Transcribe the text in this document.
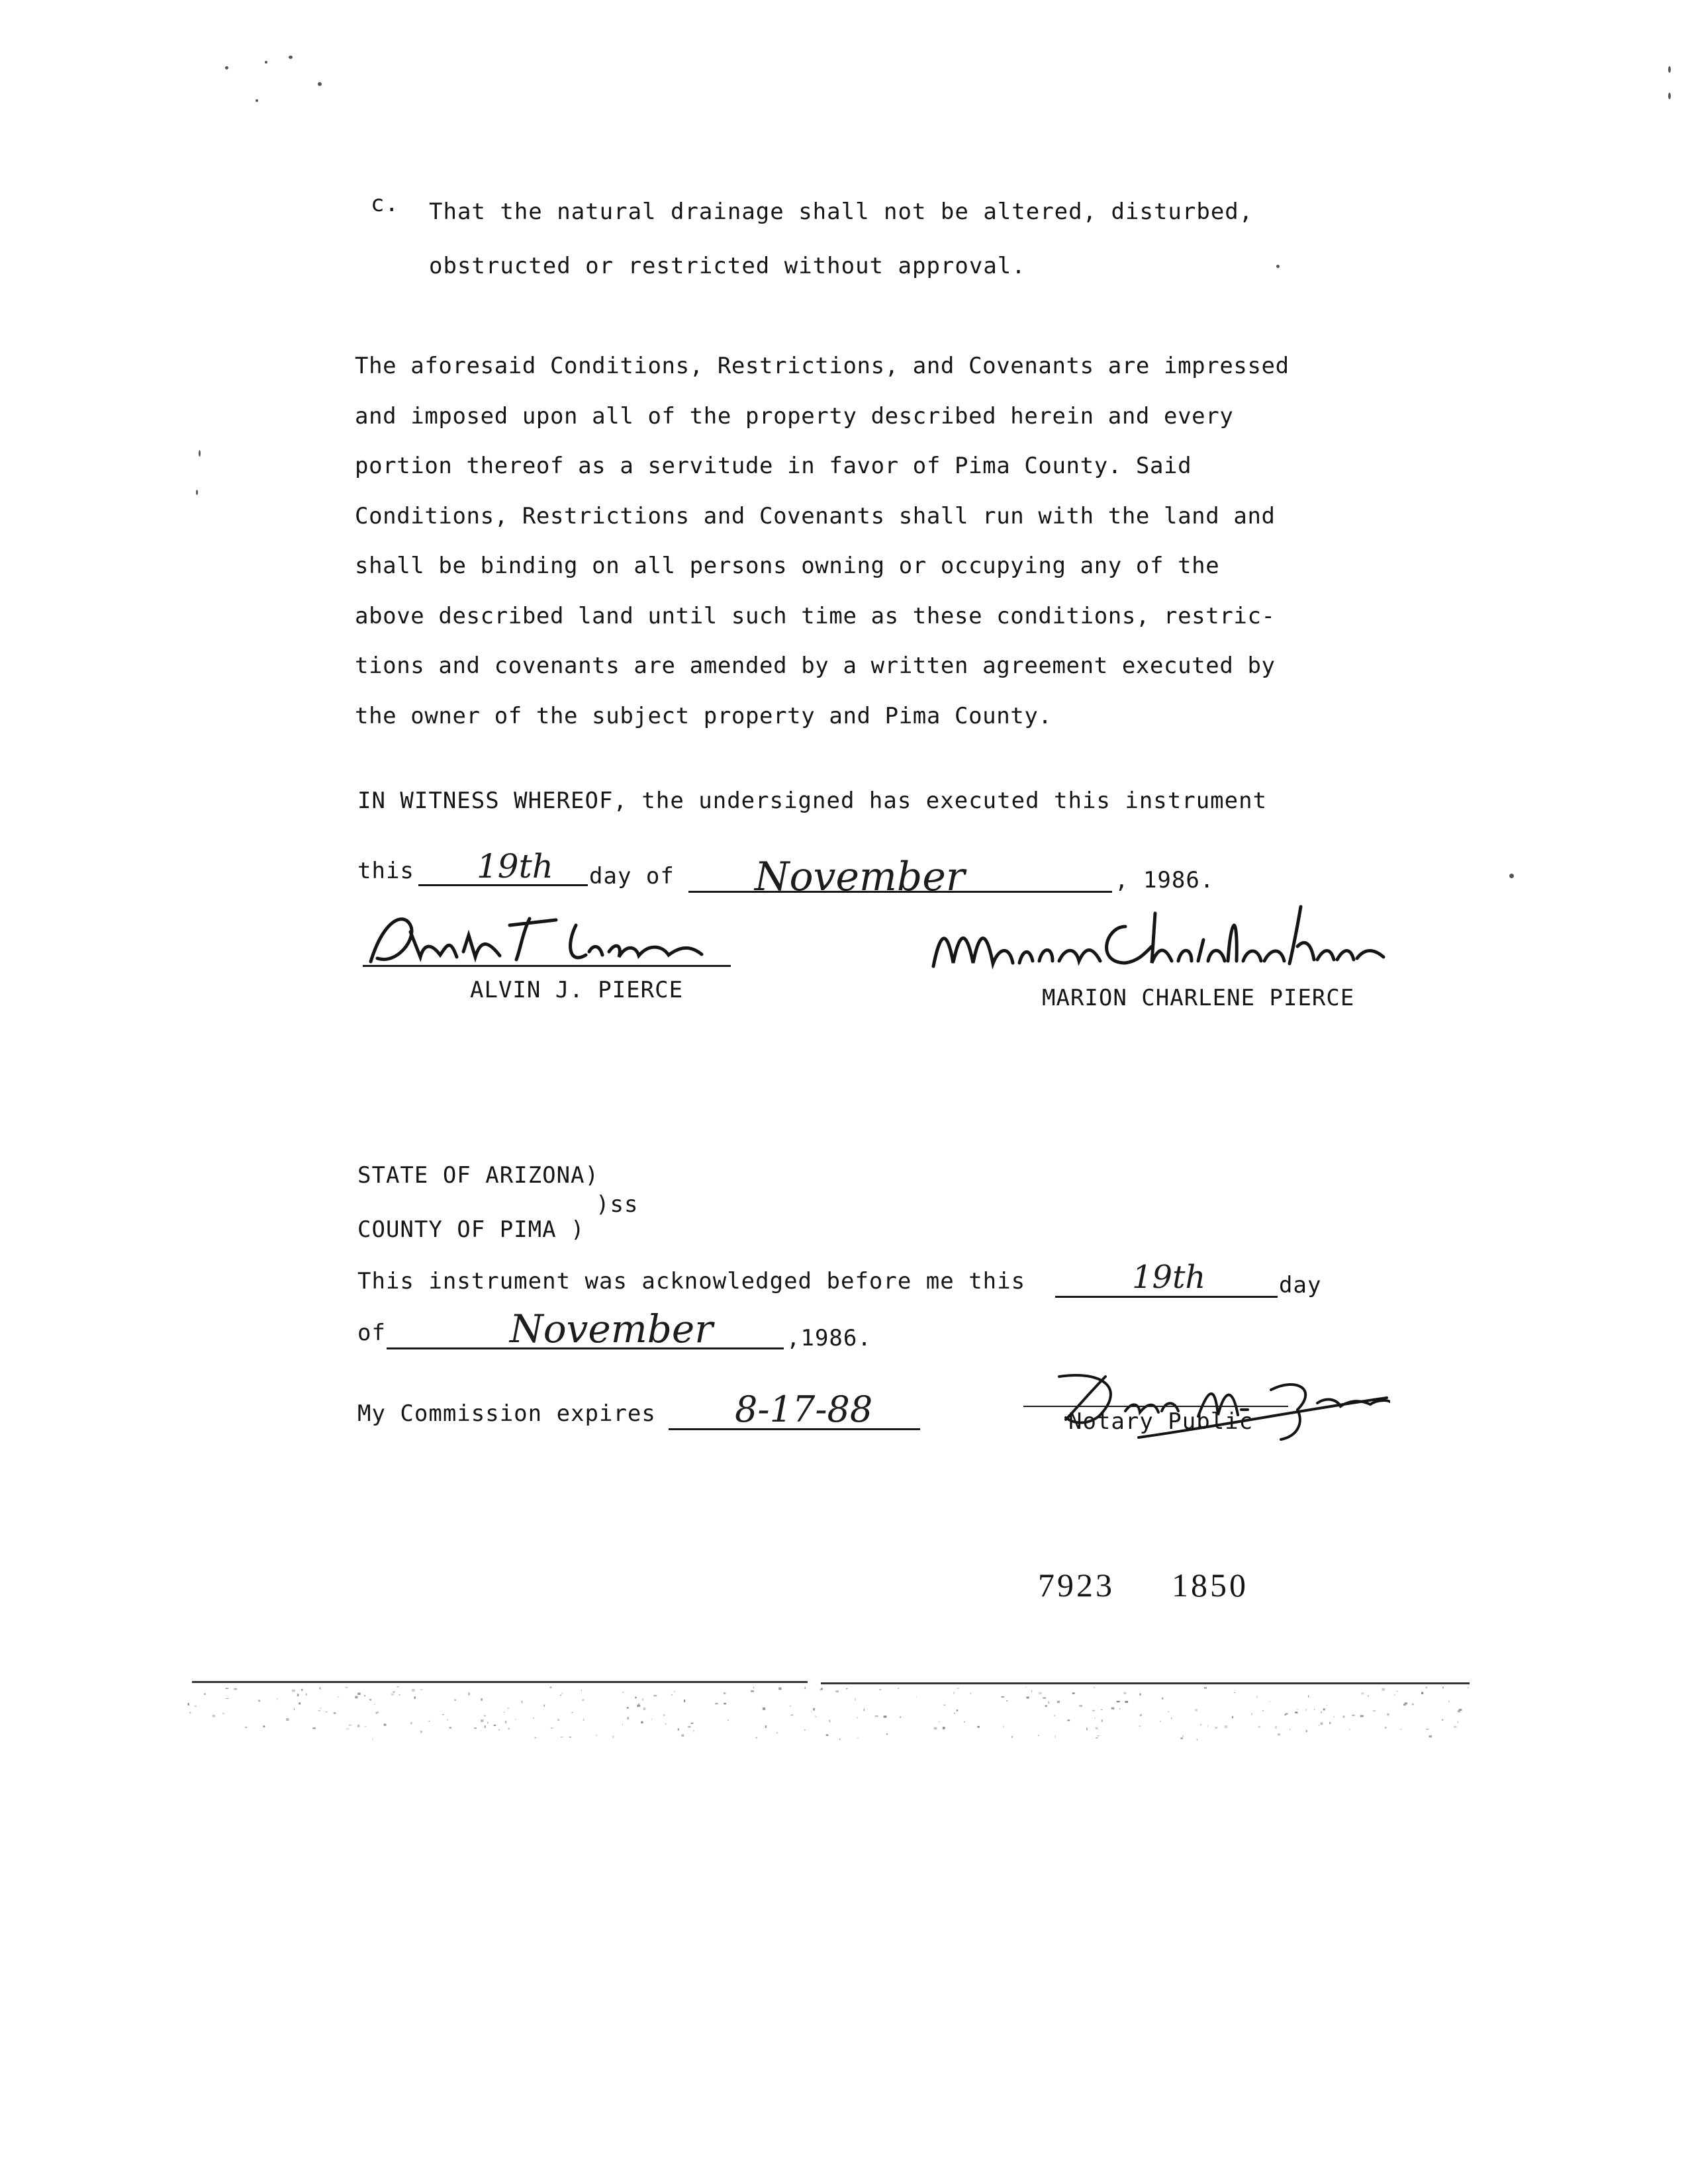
c. That the natural drainage shall not be altered, disturbed,
obstructed or restricted without approval.
The aforesaid Conditions, Restrictions, and Covenants are impressed
and imposed upon all of the property described herein and every
portion thereof as a servitude in favor of Pima County. Said
Conditions, Restrictions and Covenants shall run with the land and
shall be binding on all persons owning or occupying any of the
above described land until such time as these conditions, restric-
tions and covenants are amended by a written agreement executed by
the owner of the subject property and Pima County.
IN WITNESS WHEREOF, the undersigned has executed this instrument
this 19th day of November	, 1986.
ALVIN J. PIERCE	MARION CHARLENE PIERCE
STATE OF ARIZONA)
)ss
COUNTY OF PIMA )
This instrument was acknowledged before me this	19th	day
of	November	,1986.
My Commission expires 8-17-88	Notary Public
7923 1850
